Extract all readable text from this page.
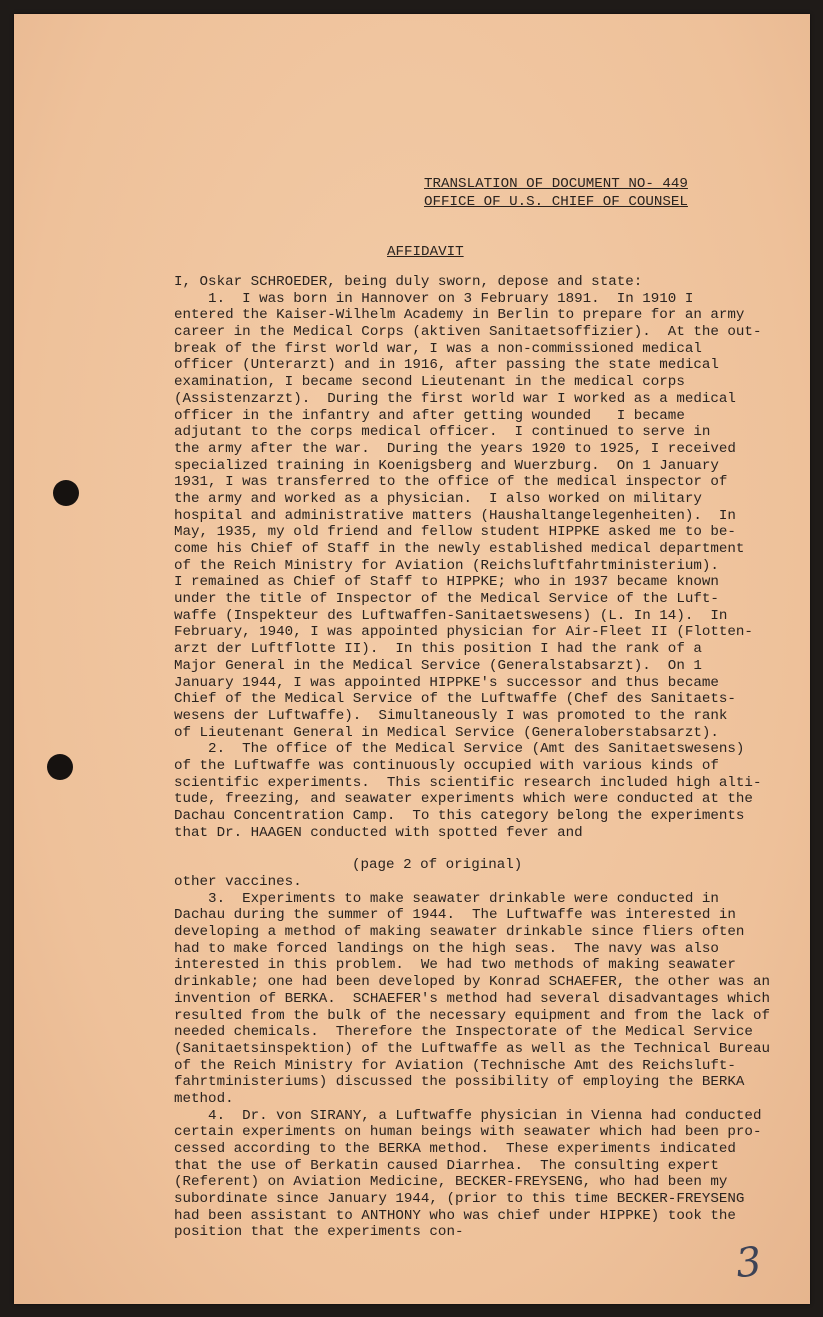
TRANSLATION OF DOCUMENT NO- 449
OFFICE OF U.S. CHIEF OF COUNSEL
AFFIDAVIT
I, Oskar SCHROEDER, being duly sworn, depose and state:
1.  I was born in Hannover on 3 February 1891.  In 1910 I
entered the Kaiser-Wilhelm Academy in Berlin to prepare for an army
career in the Medical Corps (aktiven Sanitaetsoffizier).  At the out-
break of the first world war, I was a non-commissioned medical
officer (Unterarzt) and in 1916, after passing the state medical
examination, I became second Lieutenant in the medical corps
(Assistenzarzt).  During the first world war I worked as a medical
officer in the infantry and after getting wounded   I became
adjutant to the corps medical officer.  I continued to serve in
the army after the war.  During the years 1920 to 1925, I received
specialized training in Koenigsberg and Wuerzburg.  On 1 January
1931, I was transferred to the office of the medical inspector of
the army and worked as a physician.  I also worked on military
hospital and administrative matters (Haushaltangelegenheiten).  In
May, 1935, my old friend and fellow student HIPPKE asked me to be-
come his Chief of Staff in the newly established medical department
of the Reich Ministry for Aviation (Reichsluftfahrtministerium).
I remained as Chief of Staff to HIPPKE; who in 1937 became known
under the title of Inspector of the Medical Service of the Luft-
waffe (Inspekteur des Luftwaffen-Sanitaetswesens) (L. In 14).  In
February, 1940, I was appointed physician for Air-Fleet II (Flotten-
arzt der Luftflotte II).  In this position I had the rank of a
Major General in the Medical Service (Generalstabsarzt).  On 1
January 1944, I was appointed HIPPKE's successor and thus became
Chief of the Medical Service of the Luftwaffe (Chef des Sanitaets-
wesens der Luftwaffe).  Simultaneously I was promoted to the rank
of Lieutenant General in Medical Service (Generaloberstabsarzt).
2.  The office of the Medical Service (Amt des Sanitaetswesens)
of the Luftwaffe was continuously occupied with various kinds of
scientific experiments.  This scientific research included high alti-
tude, freezing, and seawater experiments which were conducted at the
Dachau Concentration Camp.  To this category belong the experiments
that Dr. HAAGEN conducted with spotted fever and
(page 2 of original)
other vaccines.
3.  Experiments to make seawater drinkable were conducted in
Dachau during the summer of 1944.  The Luftwaffe was interested in
developing a method of making seawater drinkable since fliers often
had to make forced landings on the high seas.  The navy was also
interested in this problem.  We had two methods of making seawater
drinkable; one had been developed by Konrad SCHAEFER, the other was an
invention of BERKA.  SCHAEFER's method had several disadvantages which
resulted from the bulk of the necessary equipment and from the lack of
needed chemicals.  Therefore the Inspectorate of the Medical Service
(Sanitaetsinspektion) of the Luftwaffe as well as the Technical Bureau
of the Reich Ministry for Aviation (Technische Amt des Reichsluft-
fahrtministeriums) discussed the possibility of employing the BERKA
method.
4.  Dr. von SIRANY, a Luftwaffe physician in Vienna had conducted
certain experiments on human beings with seawater which had been pro-
cessed according to the BERKA method.  These experiments indicated
that the use of Berkatin caused Diarrhea.  The consulting expert
(Referent) on Aviation Medicine, BECKER-FREYSENG, who had been my
subordinate since January 1944, (prior to this time BECKER-FREYSENG
had been assistant to ANTHONY who was chief under HIPPKE) took the
position that the experiments con-
3
